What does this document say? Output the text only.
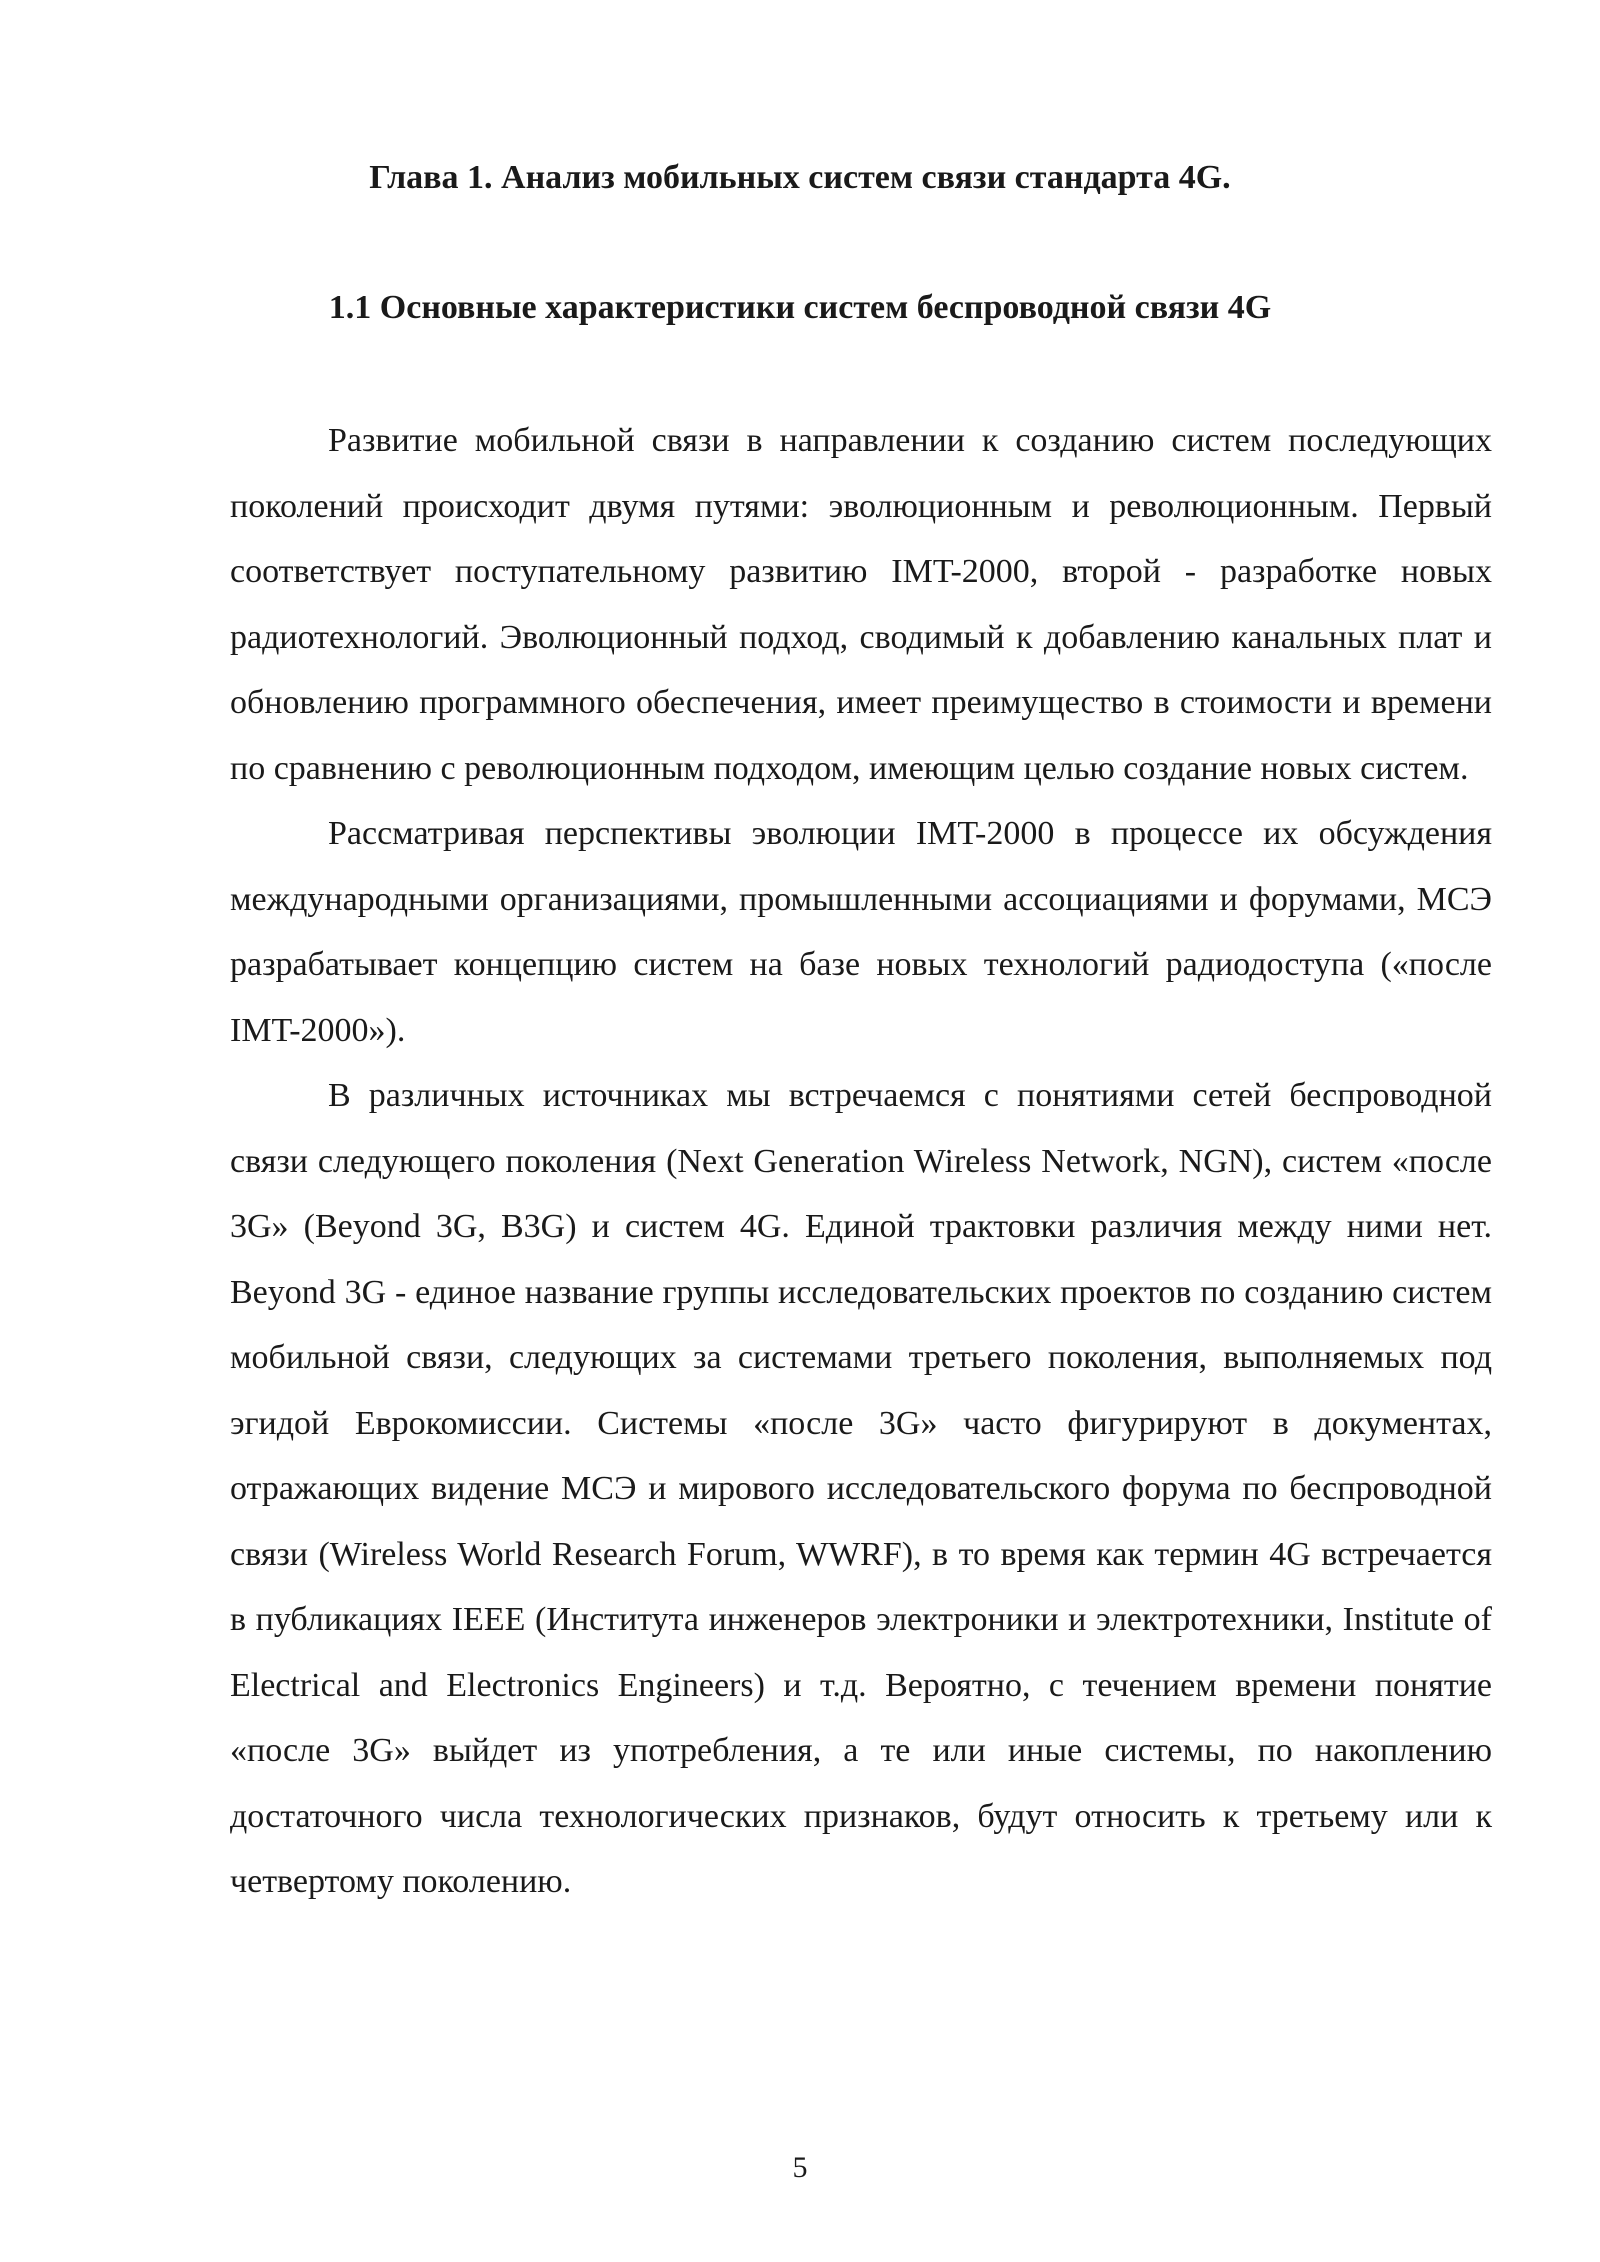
Глава 1. Анализ мобильных систем связи стандарта 4G.
1.1 Основные характеристики систем беспроводной связи 4G

Развитие мобильной связи в направлении к созданию систем последующих поколений происходит двумя путями: эволюционным и революционным. Первый соответствует поступательному развитию IMT-2000, второй - разработке новых радиотехнологий. Эволюционный подход, сводимый к добавлению канальных плат и обновлению программного обеспечения, имеет преимущество в стоимости и времени по сравнению с революционным подходом, имеющим целью создание новых систем.

Рассматривая перспективы эволюции IMT-2000 в процессе их обсуждения международными организациями, промышленными ассоциациями и форумами, МСЭ разрабатывает концепцию систем на базе новых технологий радиодоступа («после IMT-2000»).

В различных источниках мы встречаемся с понятиями сетей беспроводной связи следующего поколения (Next Generation Wireless Network, NGN), систем «после 3G» (Beyond 3G, B3G) и систем 4G. Единой трактовки различия между ними нет. Beyond 3G - единое название группы исследовательских проектов по созданию систем мобильной связи, следующих за системами третьего поколения, выполняемых под эгидой Еврокомиссии. Системы «после 3G» часто фигурируют в документах, отражающих видение МСЭ и мирового исследовательского форума по беспроводной связи (Wireless World Research Forum, WWRF), в то время как термин 4G встречается в публикациях IEEE (Института инженеров электроники и электротехники, Institute of Electrical and Electronics Engineers) и т.д. Вероятно, с течением времени понятие «после 3G» выйдет из употребления, а те или иные системы, по накоплению достаточного числа технологических признаков, будут относить к третьему или к четвертому поколению.

5
